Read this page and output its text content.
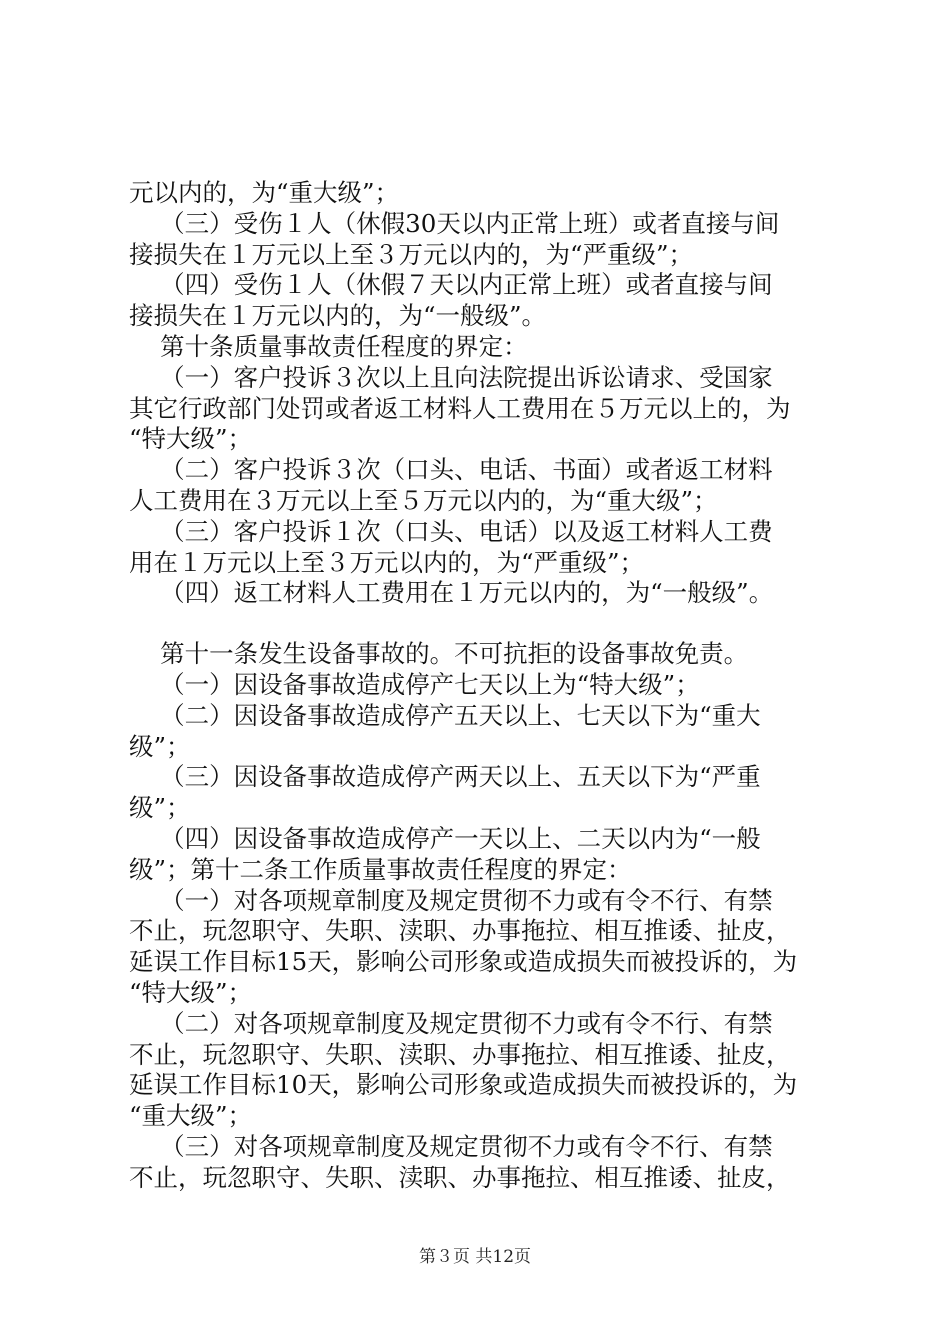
元以内的，为“重大级”；
（三）受伤１人（休假30天以内正常上班）或者直接与间
接损失在１万元以上至３万元以内的，为“严重级”；
（四）受伤１人（休假７天以内正常上班）或者直接与间
接损失在１万元以内的，为“一般级”。
第十条质量事故责任程度的界定：
（一）客户投诉３次以上且向法院提出诉讼请求、受国家
其它行政部门处罚或者返工材料人工费用在５万元以上的，为
“特大级”；
（二）客户投诉３次（口头、电话、书面）或者返工材料
人工费用在３万元以上至５万元以内的，为“重大级”；
（三）客户投诉１次（口头、电话）以及返工材料人工费
用在１万元以上至３万元以内的，为“严重级”；
（四）返工材料人工费用在１万元以内的，为“一般级”。
第十一条发生设备事故的。不可抗拒的设备事故免责。
（一）因设备事故造成停产七天以上为“特大级”；
（二）因设备事故造成停产五天以上、七天以下为“重大
级”；
（三）因设备事故造成停产两天以上、五天以下为“严重
级”；
（四）因设备事故造成停产一天以上、二天以内为“一般
级”；第十二条工作质量事故责任程度的界定：
（一）对各项规章制度及规定贯彻不力或有令不行、有禁
不止，玩忽职守、失职、渎职、办事拖拉、相互推诿、扯皮，
延误工作目标15天，影响公司形象或造成损失而被投诉的，为
“特大级”；
（二）对各项规章制度及规定贯彻不力或有令不行、有禁
不止，玩忽职守、失职、渎职、办事拖拉、相互推诿、扯皮，
延误工作目标10天，影响公司形象或造成损失而被投诉的，为
“重大级”；
（三）对各项规章制度及规定贯彻不力或有令不行、有禁
不止，玩忽职守、失职、渎职、办事拖拉、相互推诿、扯皮，
第３页 共12页
